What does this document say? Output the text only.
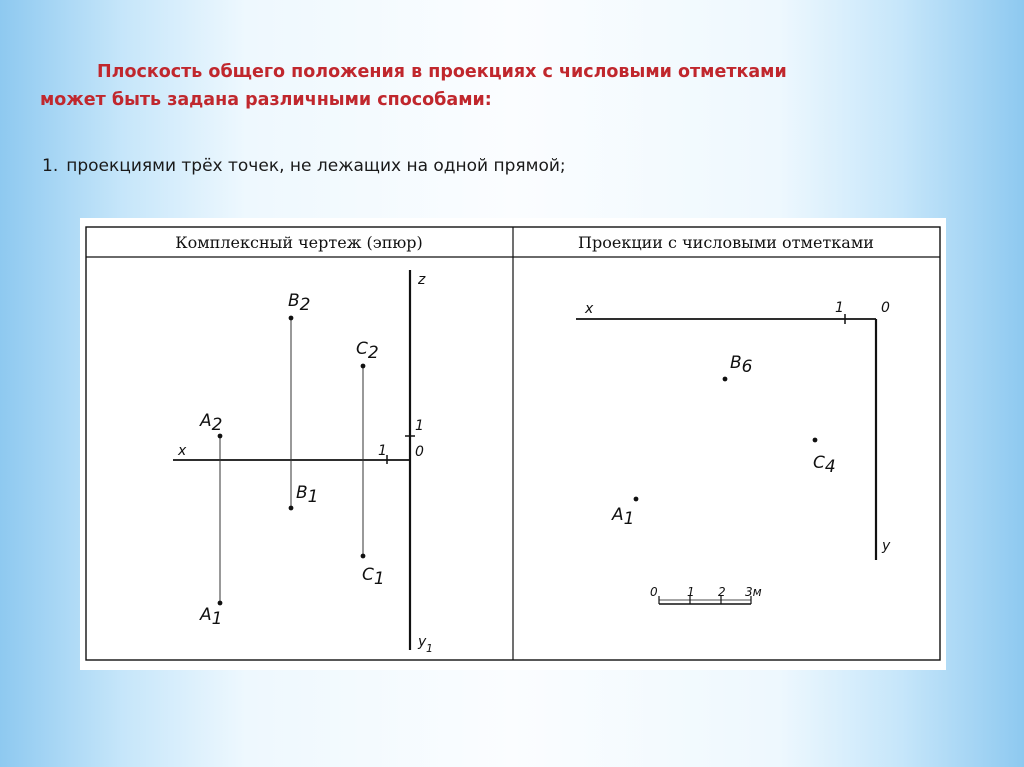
Плоскость общего положения в проекциях с числовыми отметками
может быть задана различными способами:
1. проекциями трёх точек, не лежащих на одной прямой;
Комплексный чертеж (эпюр)	Проекции с числовыми отметками
x
z
y 1
1
1
0
A2
B2
C2
B1
C1
A1
x	1	0
y
B6
C4
A1
0 1 2 3м
